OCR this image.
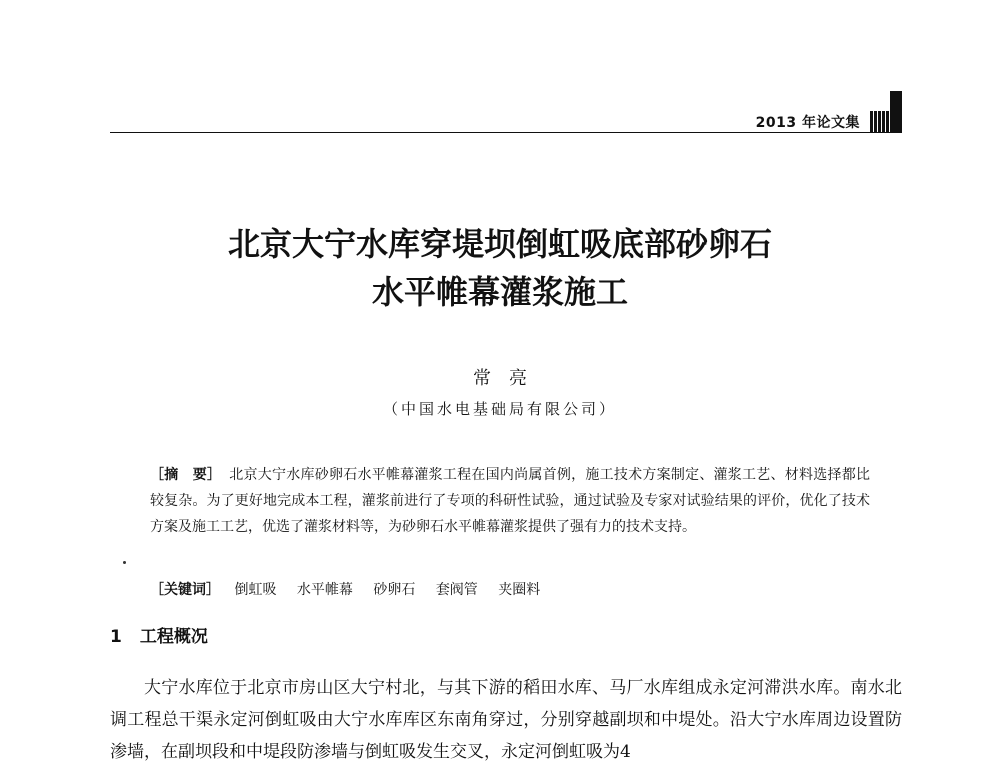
2013 年论文集
北京大宁水库穿堤坝倒虹吸底部砂卵石
水平帷幕灌浆施工
常亮
（中国水电基础局有限公司）
［摘　要］ 北京大宁水库砂卵石水平帷幕灌浆工程在国内尚属首例，施工技术方案制定、灌浆工艺、材料选择都比较复杂。为了更好地完成本工程，灌浆前进行了专项的科研性试验，通过试验及专家对试验结果的评价，优化了技术方案及施工工艺，优选了灌浆材料等，为砂卵石水平帷幕灌浆提供了强有力的技术支持。
［关键词］ 倒虹吸 水平帷幕 砂卵石 套阀管 夹圈料
1 工程概况
大宁水库位于北京市房山区大宁村北，与其下游的稻田水库、马厂水库组成永定河滞洪水库。南水北调工程总干渠永定河倒虹吸由大宁水库库区东南角穿过，分别穿越副坝和中堤处。沿大宁水库周边设置防渗墙，在副坝段和中堤段防渗墙与倒虹吸发生交叉，永定河倒虹吸为4
